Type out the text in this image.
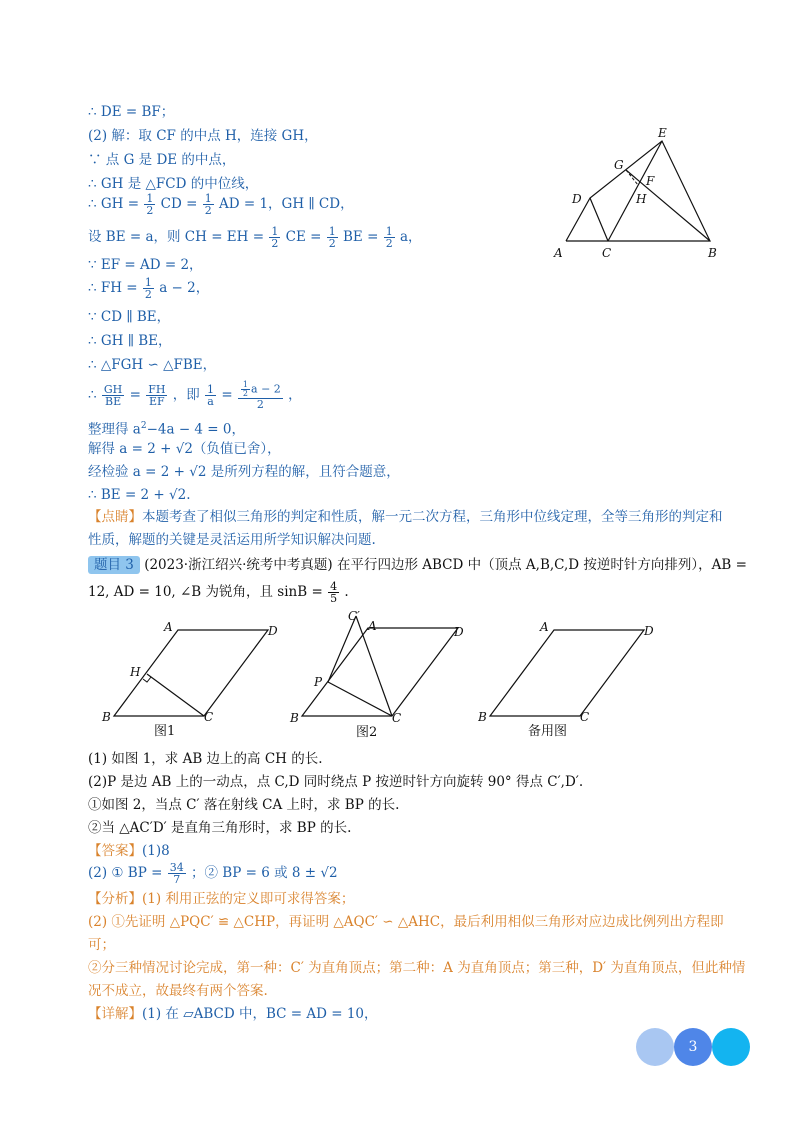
∴ DE = BF；
(2) 解：取 CF 的中点 H，连接 GH，
∵ 点 G 是 DE 的中点，
∴ GH 是 △FCD 的中位线，
∴ GH = $\frac{1}{2}$ CD = $\frac{1}{2}$ AD = 1，GH ∥ CD，
设 BE = a，则 CH = EH = $\frac{1}{2}$ CE = $\frac{1}{2}$ BE = $\frac{1}{2}$ a，
∵ EF = AD = 2，
∴ FH = $\frac{1}{2}$ a − 2，
∵ CD ∥ BE，
∴ GH ∥ BE，
∴ △FGH ∽ △FBE，
∴ $\frac{GH}{BE} = \frac{FH}{EF}$ ，即 $\frac{1}{a} = \frac{\frac{1}{2} a - 2}{2}$ ，
整理得 $a^2-4a - 4 = 0$，
解得 a = 2 + √2（负值已舍），
经检验 a = 2 + √2 是所列方程的解，且符合题意，
∴ BE = 2 + √2.
【点睛】本题考查了相似三角形的判定和性质，解一元二次方程，三角形中位线定理，全等三角形的判定和
性质，解题的关键是灵活运用所学知识解决问题.
题目 3 (2023·浙江绍兴·统考中考真题) 在平行四边形 ABCD 中（顶点 A,B,C,D 按逆时针方向排列），AB =
12, AD = 10, ∠B 为锐角，且 $\sin B = \frac{4}{5}$ .
A	C	B
D
E
G
F
H
A	D
B	C
H
图1
C′
A	D
P
B	C
图2
A	D
B	C
备用图
(1) 如图 1，求 AB 边上的高 CH 的长.
(2)P 是边 AB 上的一动点，点 C,D 同时绕点 P 按逆时针方向旋转 90° 得点 C′,D′.
①如图 2，当点 C′ 落在射线 CA 上时，求 BP 的长.
②当 △AC′D′ 是直角三角形时，求 BP 的长.
【答案】(1)8
(2) ① BP = $\frac{34}{7}$ ；② BP = 6 或 8 ± √2
【分析】(1) 利用正弦的定义即可求得答案；
(2) ①先证明 △PQC′ ≌ △CHP，再证明 △AQC′ ∽ △AHC，最后利用相似三角形对应边成比例列出方程即
可；
②分三种情况讨论完成，第一种：C′ 为直角顶点；第二种：A 为直角顶点；第三种，D′ 为直角顶点，但此种情
况不成立，故最终有两个答案.
【详解】(1) 在 ▱ABCD 中，BC = AD = 10，
3
